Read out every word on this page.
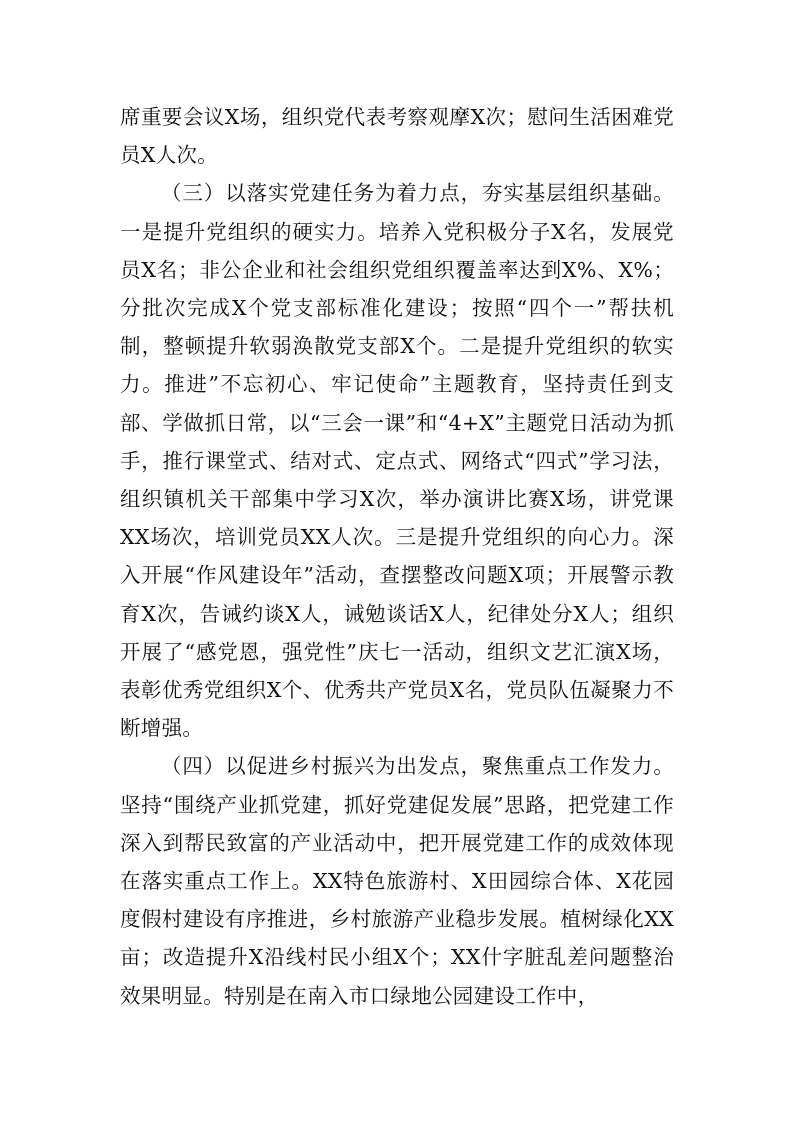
席重要会议X场，组织党代表考察观摩X次；慰问生活困难党员X人次。

（三）以落实党建任务为着力点，夯实基层组织基础。一是提升党组织的硬实力。培养入党积极分子X名，发展党员X名；非公企业和社会组织党组织覆盖率达到X%、X%；分批次完成X个党支部标准化建设；按照“四个一”帮扶机制，整顿提升软弱涣散党支部X个。二是提升党组织的软实力。推进”不忘初心、牢记使命”主题教育，坚持责任到支部、学做抓日常，以“三会一课”和“4+X”主题党日活动为抓手，推行课堂式、结对式、定点式、网络式“四式”学习法，组织镇机关干部集中学习X次，举办演讲比赛X场，讲党课XX场次，培训党员XX人次。三是提升党组织的向心力。深入开展“作风建设年”活动，查摆整改问题X项；开展警示教育X次，告诫约谈X人，诫勉谈话X人，纪律处分X人；组织开展了“感党恩，强党性”庆七一活动，组织文艺汇演X场，表彰优秀党组织X个、优秀共产党员X名，党员队伍凝聚力不断增强。

（四）以促进乡村振兴为出发点，聚焦重点工作发力。坚持“围绕产业抓党建，抓好党建促发展”思路，把党建工作深入到帮民致富的产业活动中，把开展党建工作的成效体现在落实重点工作上。XX特色旅游村、X田园综合体、X花园度假村建设有序推进，乡村旅游产业稳步发展。植树绿化XX亩；改造提升X沿线村民小组X个；XX什字脏乱差问题整治效果明显。特别是在南入市口绿地公园建设工作中，
